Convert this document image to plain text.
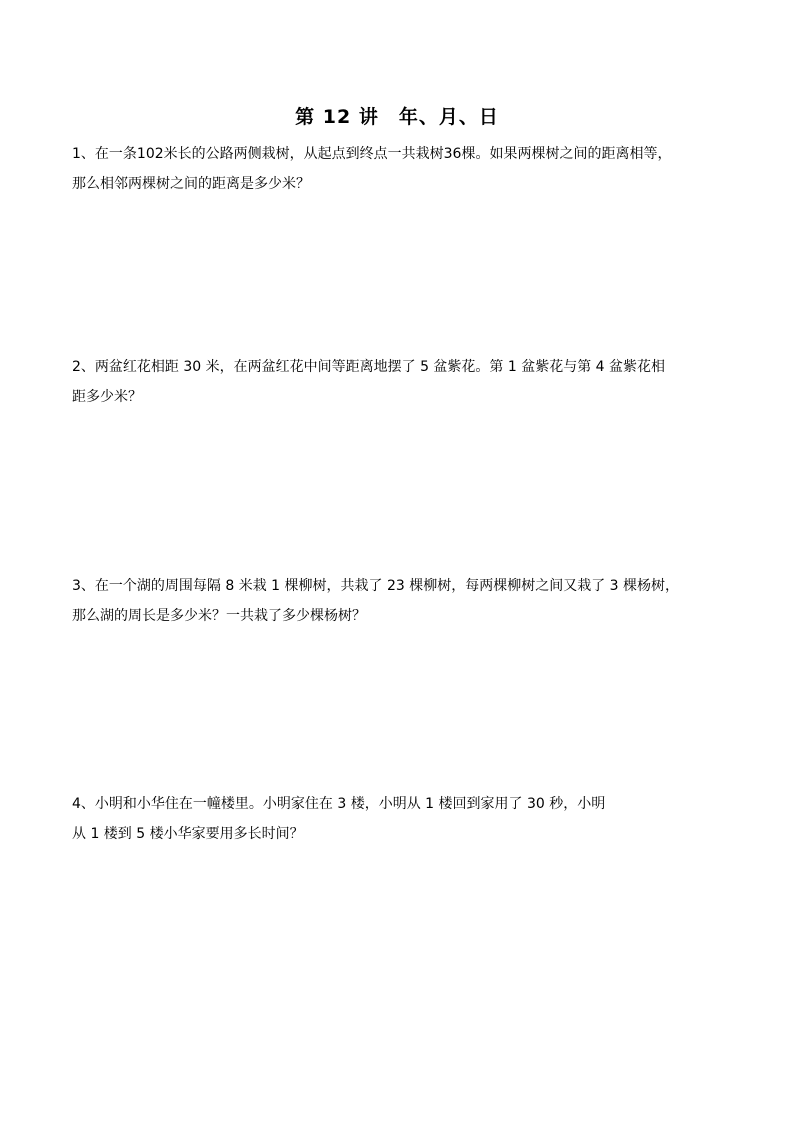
第 12 讲　年、月、日
1、在一条102米长的公路两侧栽树，从起点到终点一共栽树36棵。如果两棵树之间的距离相等，
那么相邻两棵树之间的距离是多少米？
2、两盆红花相距 30 米，在两盆红花中间等距离地摆了 5 盆紫花。第 1 盆紫花与第 4 盆紫花相
距多少米？
3、在一个湖的周围每隔 8 米栽 1 棵柳树，共栽了 23 棵柳树，每两棵柳树之间又栽了 3 棵杨树，
那么湖的周长是多少米？一共栽了多少棵杨树？
4、小明和小华住在一幢楼里。小明家住在 3 楼，小明从 1 楼回到家用了 30 秒，小明
从 1 楼到 5 楼小华家要用多长时间？
